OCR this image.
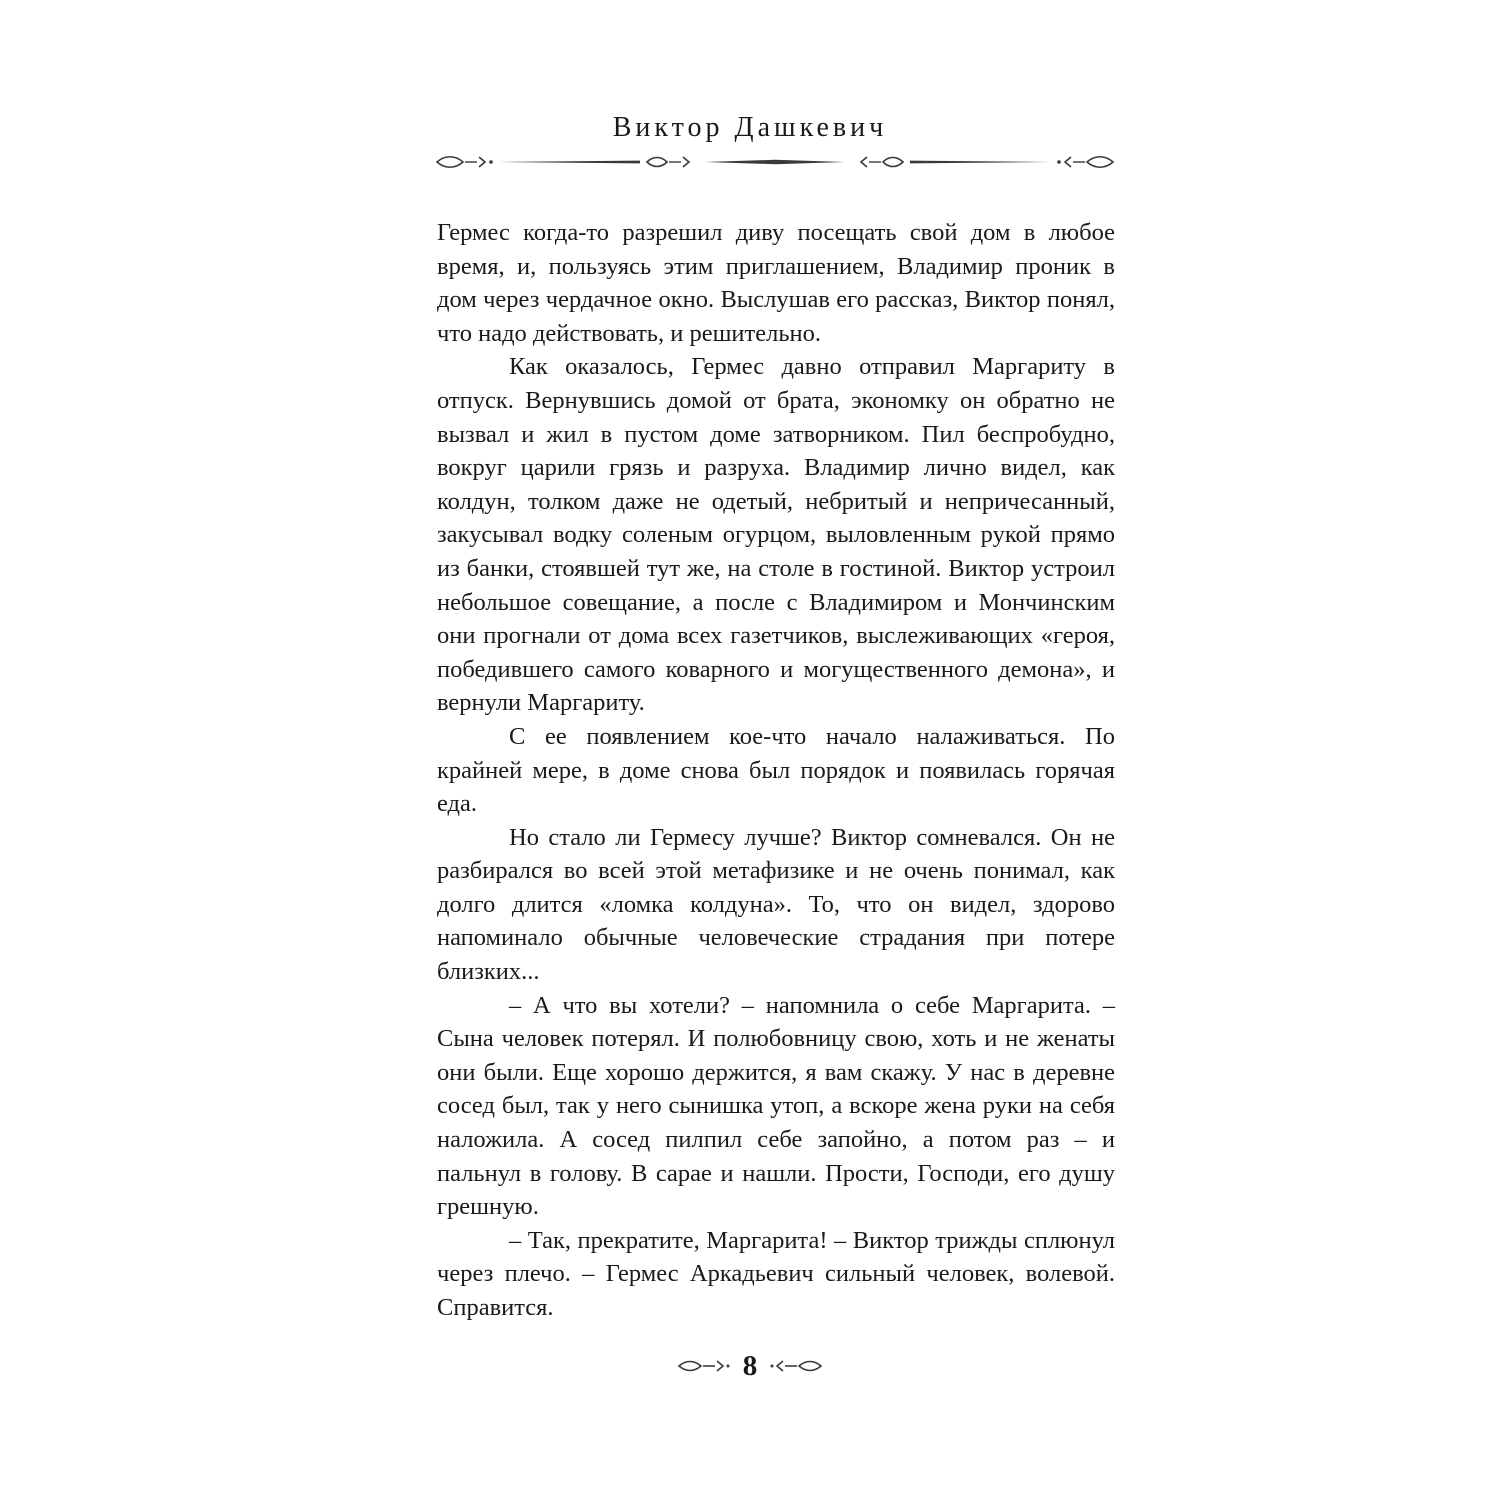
Виктор Дашкевич

Гермес когда-то разрешил диву посещать свой дом в любое время, и, пользуясь этим приглашением, Владимир проник в дом через чердачное окно. Выслушав его рассказ, Виктор понял, что надо действовать, и решительно.

Как оказалось, Гермес давно отправил Маргариту в отпуск. Вернувшись домой от брата, экономку он обратно не вызвал и жил в пустом доме затворником. Пил беспробудно, вокруг царили грязь и разруха. Владимир лично видел, как колдун, толком даже не одетый, небритый и непричесанный, закусывал водку соленым огурцом, выловленным рукой прямо из банки, стоявшей тут же, на столе в гостиной. Виктор устроил небольшое совещание, а после с Владимиром и Мончинским они прогнали от дома всех газетчиков, выслеживающих «героя, победившего самого коварного и могущественного демона», и вернули Маргариту.

С ее появлением кое-что начало налаживаться. По крайней мере, в доме снова был порядок и появилась горячая еда.

Но стало ли Гермесу лучше? Виктор сомневался. Он не разбирался во всей этой метафизике и не очень понимал, как долго длится «ломка колдуна». То, что он видел, здорово напоминало обычные человеческие страдания при потере близких...

– А что вы хотели? – напомнила о себе Маргарита. – Сына человек потерял. И полюбовницу свою, хоть и не женаты они были. Еще хорошо держится, я вам скажу. У нас в деревне сосед был, так у него сынишка утоп, а вскоре жена руки на себя наложила. А сосед пилпил себе запойно, а потом раз – и пальнул в голову. В сарае и нашли. Прости, Господи, его душу грешную.

– Так, прекратите, Маргарита! – Виктор трижды сплюнул через плечо. – Гермес Аркадьевич сильный человек, волевой. Справится.

8
